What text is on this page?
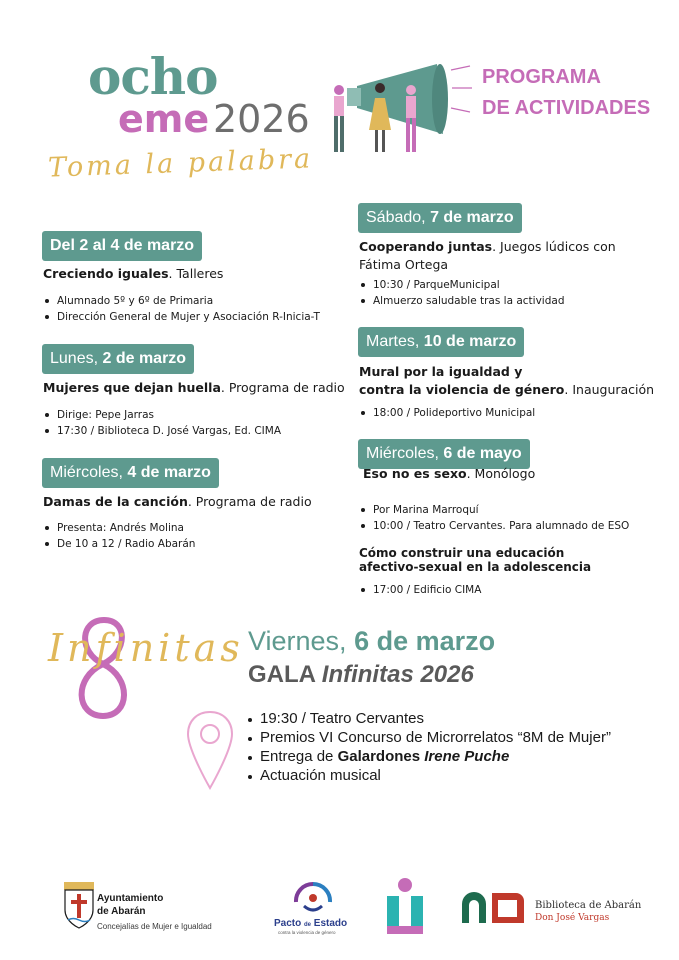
ocho
eme 2026
Toma la palabra
PROGRAMA
DE ACTIVIDADES
Del 2 al 4 de marzo
Creciendo iguales. Talleres
Alumnado 5º y 6º de Primaria
Dirección General de Mujer y Asociación R-Inicia-T
Lunes, 2 de marzo
Mujeres que dejan huella. Programa de radio
Dirige: Pepe Jarras
17:30 / Biblioteca D. José Vargas, Ed. CIMA
Miércoles, 4 de marzo
Damas de la canción. Programa de radio
Presenta: Andrés Molina
De 10 a 12 / Radio Abarán
Sábado, 7 de marzo
Cooperando juntas. Juegos lúdicos con
Fátima Ortega
10:30 / ParqueMunicipal
Almuerzo saludable tras la actividad
Martes, 10 de marzo
Mural por la igualdad y
contra la violencia de género. Inauguración
18:00 / Polideportivo Municipal
Miércoles, 6 de mayo
Eso no es sexo. Monólogo
Por Marina Marroquí
10:00 / Teatro Cervantes. Para alumnado de ESO
Cómo construir una educación
afectivo-sexual en la adolescencia
17:00 / Edificio CIMA
Infinitas Viernes, 6 de marzo
GALA Infinitas 2026
19:30 / Teatro Cervantes
Premios VI Concurso de Microrrelatos “8M de Mujer”
Entrega de Galardones Irene Puche
Actuación musical
Ayuntamiento
de Abarán
Concejalías de Mujer e Igualdad	Pacto de Estado
contra la violencia de género
Biblioteca de Abarán
Don José Vargas
